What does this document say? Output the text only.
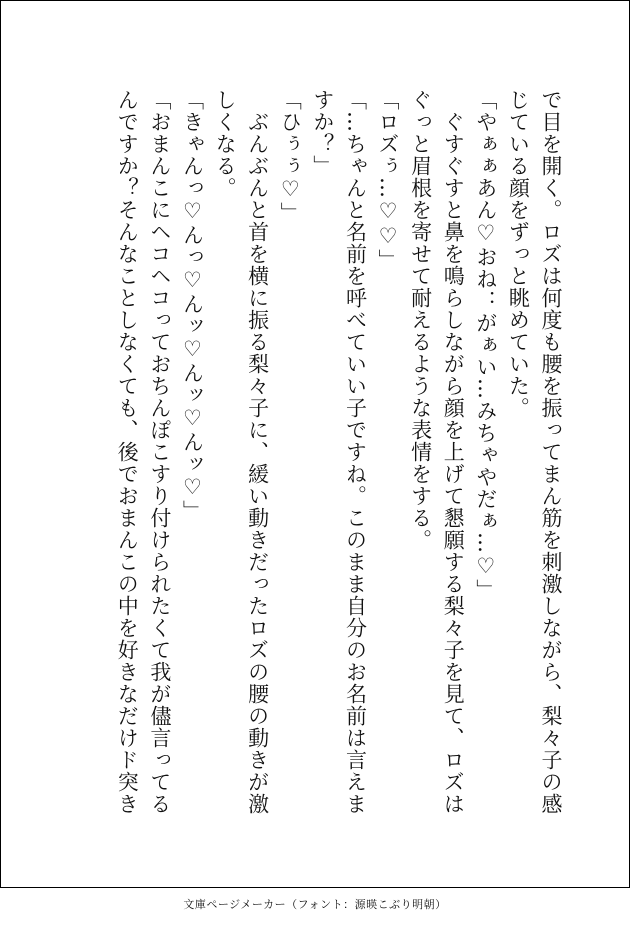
で目を開く。ロズは何度も腰を振ってまん筋を刺激しながら、梨々子の感

じている顔をずっと眺めていた。

「やぁぁあん♡おね：がぁい…みちゃやだぁ…♡」

　ぐすぐすと鼻を鳴らしながら顔を上げて懇願する梨々子を見て、ロズは

ぐっと眉根を寄せて耐えるような表情をする。

「ロズぅ…♡♡」

「…ちゃんと名前を呼べていい子ですね。このまま自分のお名前は言えま

すか？」

「ひぅぅ♡」

　ぶんぶんと首を横に振る梨々子に、緩い動きだったロズの腰の動きが激

しくなる。

「きゃんっ♡んっ♡んッ♡んッ♡んッ♡」

「おまんこにヘコヘコっておちんぽこすり付けられたくて我が儘言ってる

んですか？そんなことしなくても、後でおまんこの中を好きなだけド突き

文庫ページメーカー（フォント：源暎こぶり明朝）
